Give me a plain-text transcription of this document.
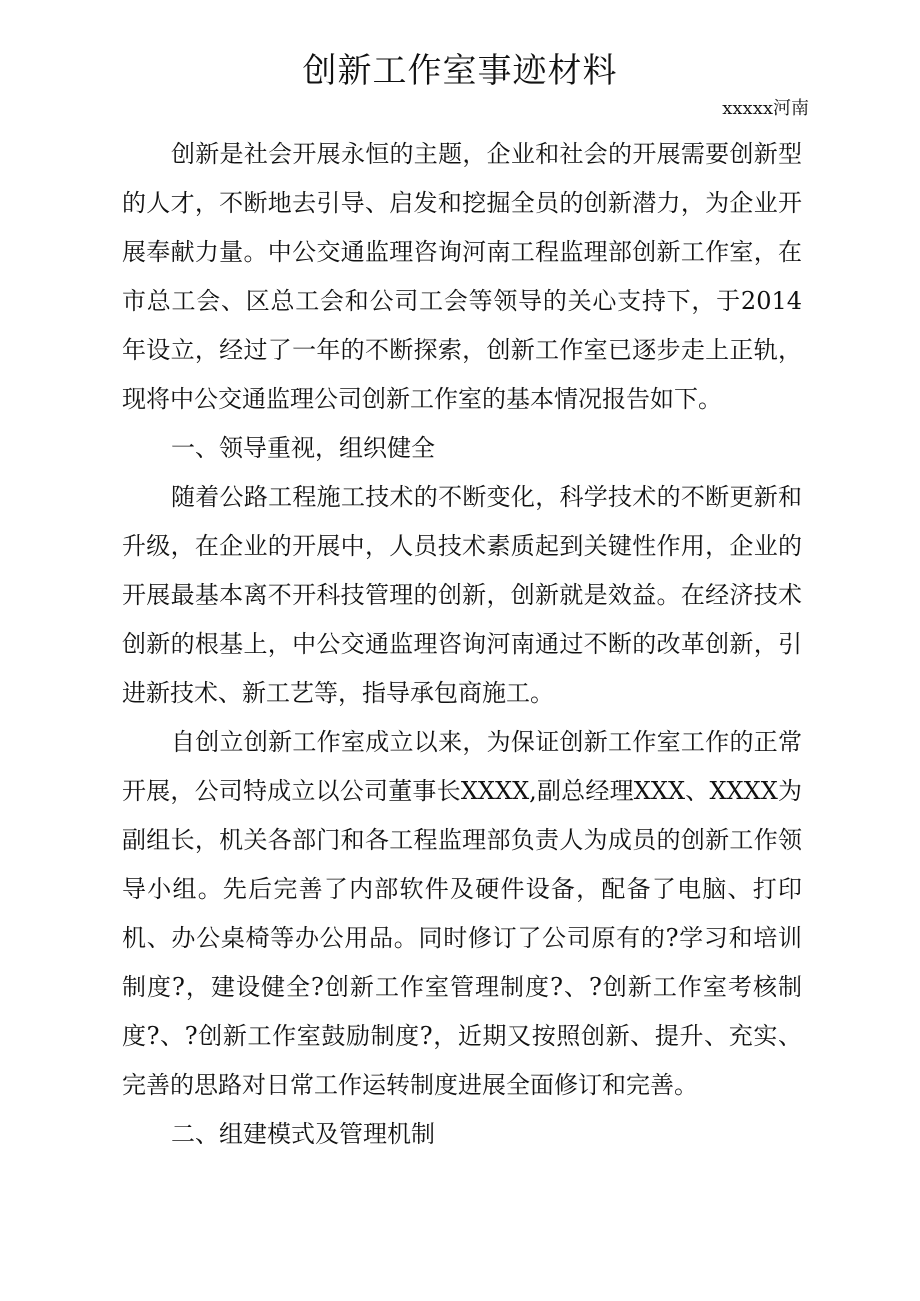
创新工作室事迹材料
xxxxx河南

创新是社会开展永恒的主题，企业和社会的开展需要创新型的人才，不断地去引导、启发和挖掘全员的创新潜力，为企业开展奉献力量。中公交通监理咨询河南工程监理部创新工作室，在市总工会、区总工会和公司工会等领导的关心支持下，于2014年设立，经过了一年的不断探索，创新工作室已逐步走上正轨，现将中公交通监理公司创新工作室的基本情况报告如下。

一、领导重视，组织健全

随着公路工程施工技术的不断变化，科学技术的不断更新和升级，在企业的开展中，人员技术素质起到关键性作用，企业的开展最基本离不开科技管理的创新，创新就是效益。在经济技术创新的根基上，中公交通监理咨询河南通过不断的改革创新，引进新技术、新工艺等，指导承包商施工。

自创立创新工作室成立以来，为保证创新工作室工作的正常开展，公司特成立以公司董事长XXXX,副总经理XXX、XXXX为副组长，机关各部门和各工程监理部负责人为成员的创新工作领导小组。先后完善了内部软件及硬件设备，配备了电脑、打印机、办公桌椅等办公用品。同时修订了公司原有的?学习和培训制度?，建设健全?创新工作室管理制度?、?创新工作室考核制度?、?创新工作室鼓励制度?，近期又按照创新、提升、充实、完善的思路对日常工作运转制度进展全面修订和完善。

二、组建模式及管理机制
